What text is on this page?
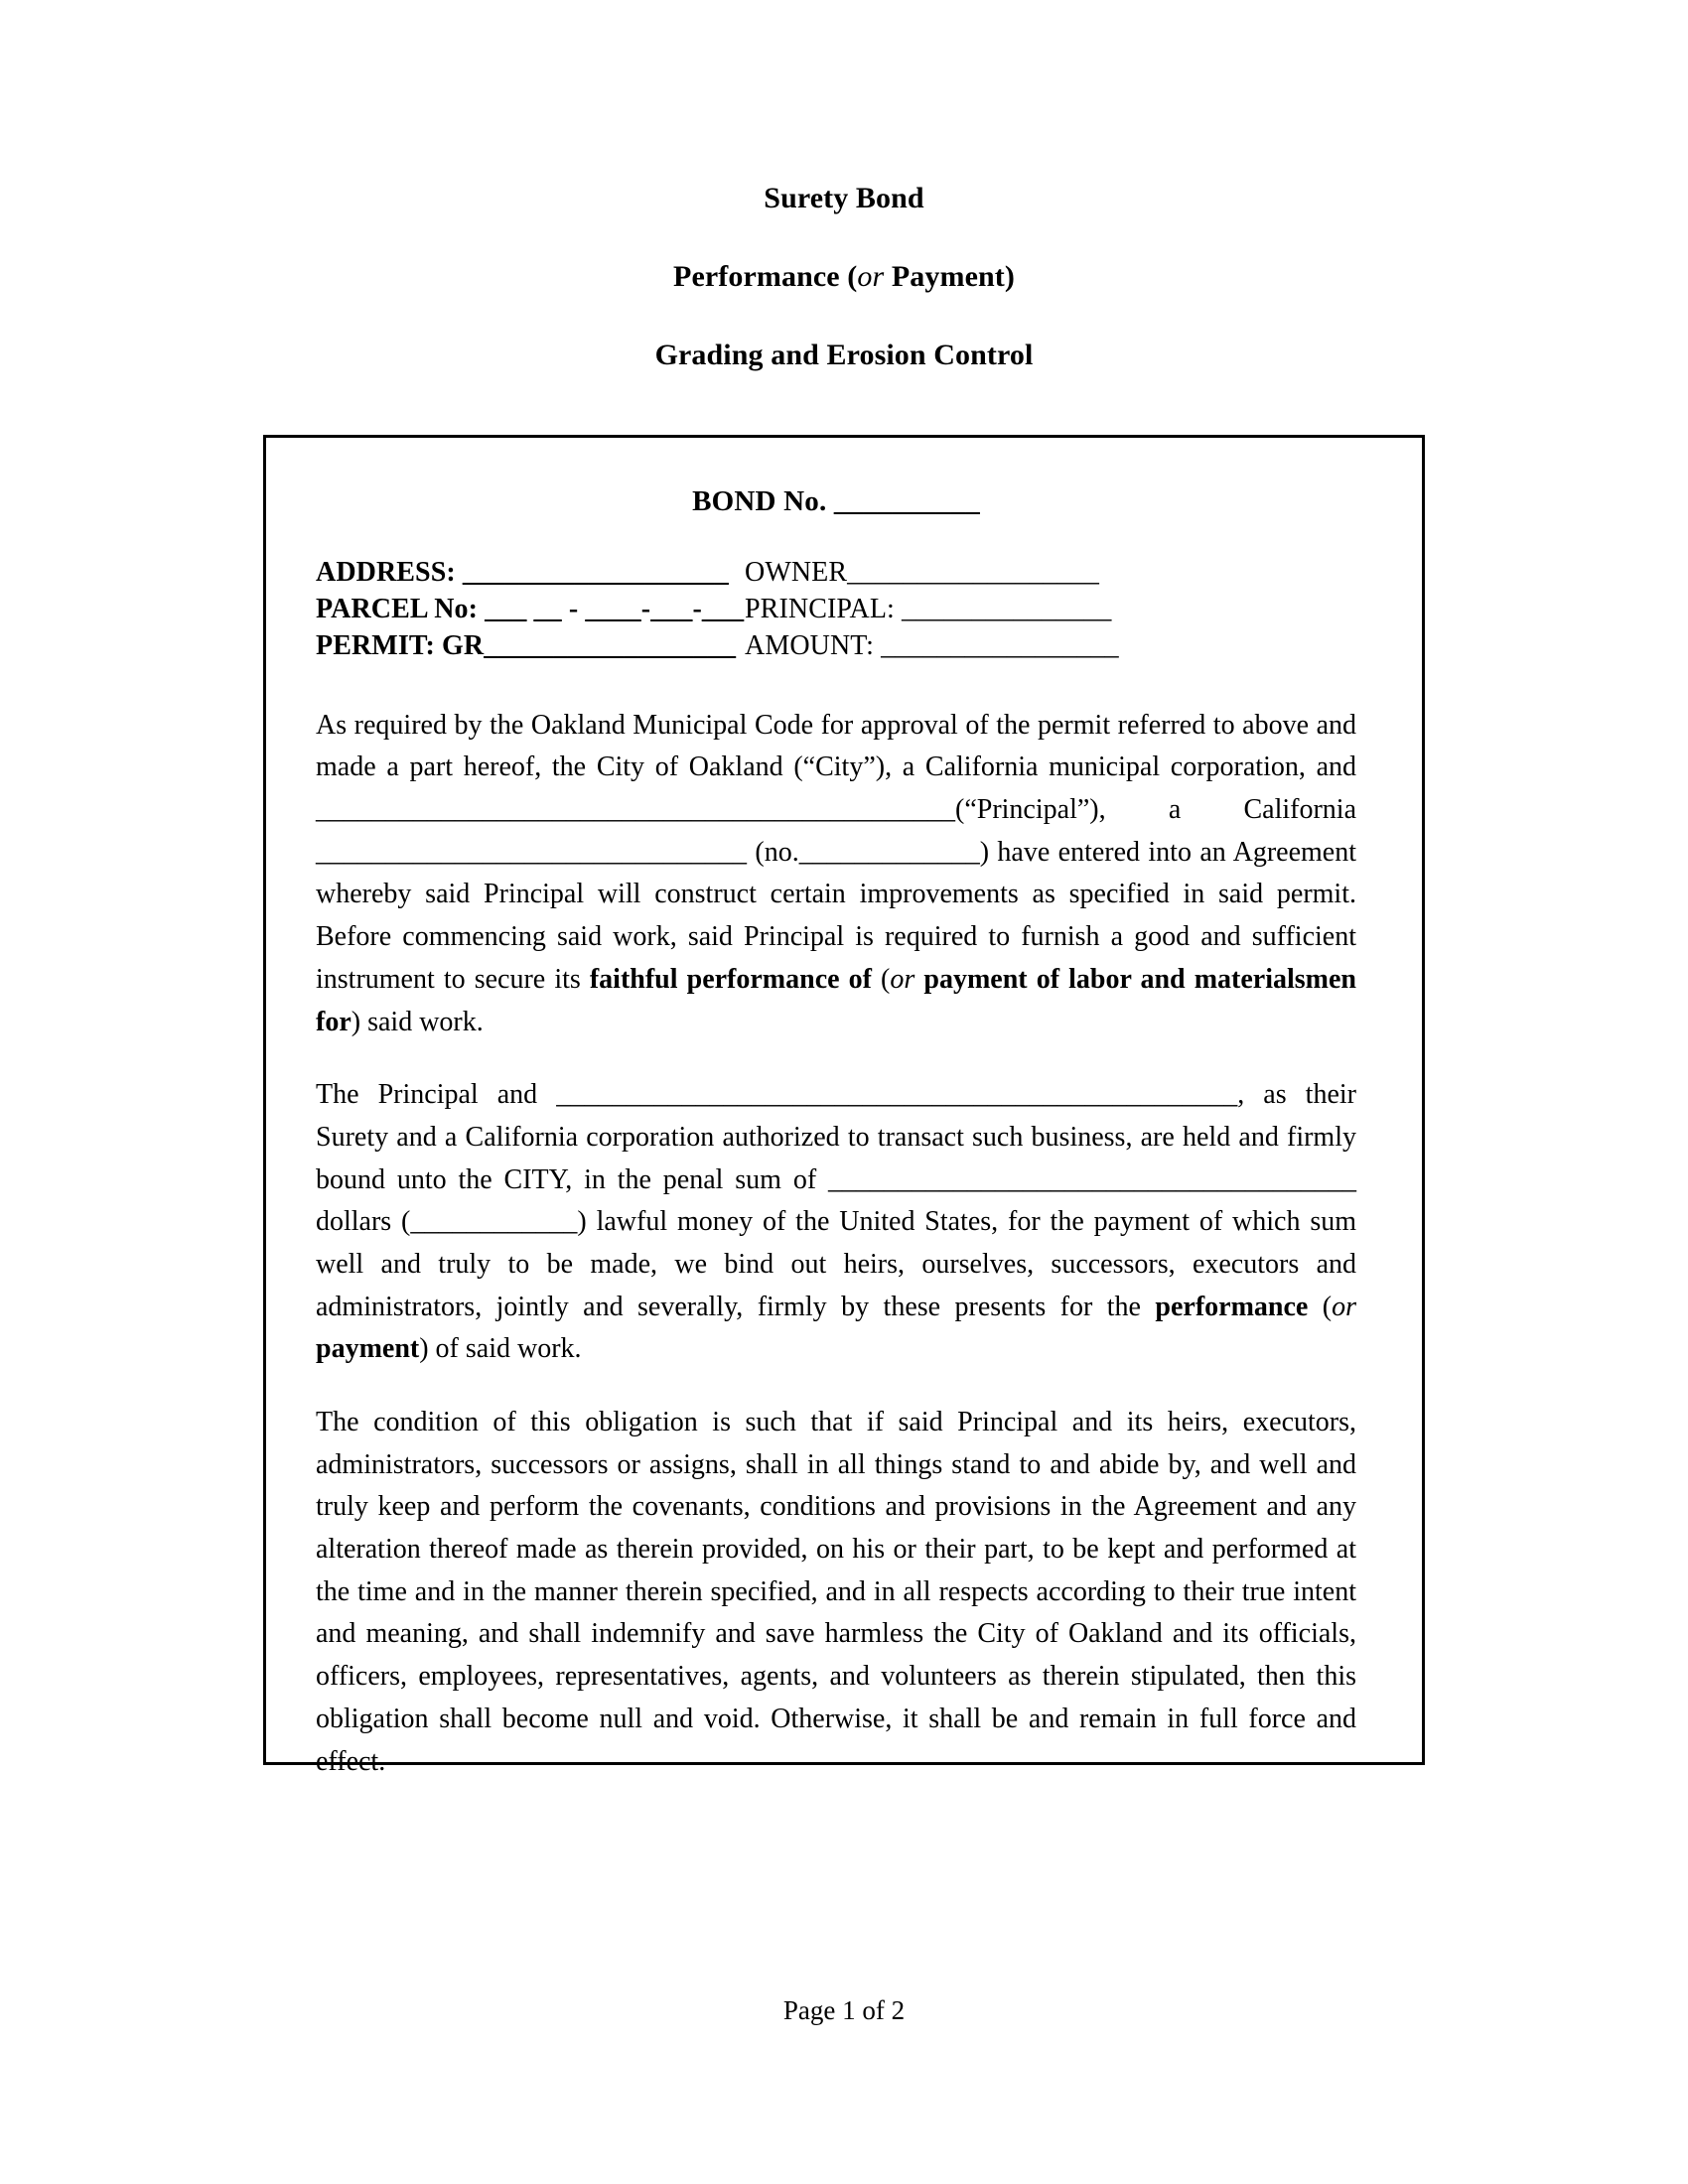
Surety Bond
Performance (or Payment)
Grading and Erosion Control
BOND No. __________
ADDRESS: ___________________ OWNER__________________
PARCEL No: ___ __ - ____-___-___ PRINCIPAL: _______________
PERMIT: GR__________________ AMOUNT: _________________

As required by the Oakland Municipal Code for approval of the permit referred to above and made a part hereof, the City of Oakland (“City”), a California municipal corporation, and ______________________________________________(“Principal”), a California _______________________________ (no._____________) have entered into an Agreement whereby said Principal will construct certain improvements as specified in said permit. Before commencing said work, said Principal is required to furnish a good and sufficient instrument to secure its faithful performance of (or payment of labor and materialsmen for) said work.

The Principal and _________________________________________________, as their Surety and a California corporation authorized to transact such business, are held and firmly bound unto the CITY, in the penal sum of ______________________________________ dollars (____________) lawful money of the United States, for the payment of which sum well and truly to be made, we bind out heirs, ourselves, successors, executors and administrators, jointly and severally, firmly by these presents for the performance (or payment) of said work.

The condition of this obligation is such that if said Principal and its heirs, executors, administrators, successors or assigns, shall in all things stand to and abide by, and well and truly keep and perform the covenants, conditions and provisions in the Agreement and any alteration thereof made as therein provided, on his or their part, to be kept and performed at the time and in the manner therein specified, and in all respects according to their true intent and meaning, and shall indemnify and save harmless the City of Oakland and its officials, officers, employees, representatives, agents, and volunteers as therein stipulated, then this obligation shall become null and void. Otherwise, it shall be and remain in full force and effect.

Page 1 of 2
